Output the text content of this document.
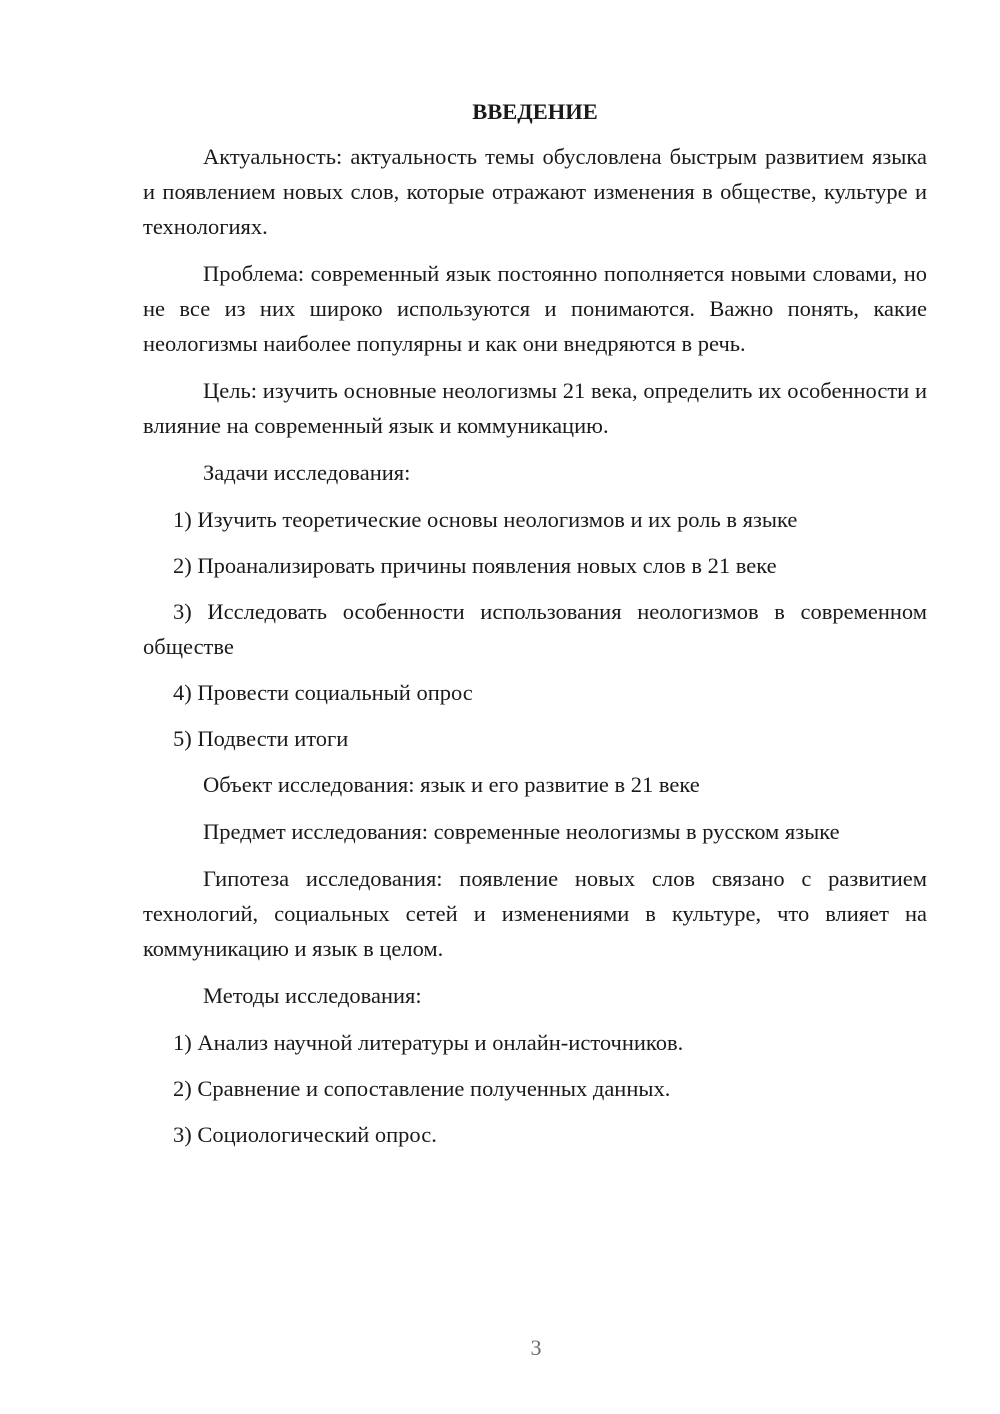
ВВЕДЕНИЕ

Актуальность: актуальность темы обусловлена быстрым развитием языка и появлением новых слов, которые отражают изменения в обществе, культуре и технологиях.

Проблема: современный язык постоянно пополняется новыми словами, но не все из них широко используются и понимаются. Важно понять, какие неологизмы наиболее популярны и как они внедряются в речь.

Цель: изучить основные неологизмы 21 века, определить их особенности и влияние на современный язык и коммуникацию.

Задачи исследования:

1) Изучить теоретические основы неологизмов и их роль в языке

2) Проанализировать причины появления новых слов в 21 веке

3) Исследовать особенности использования неологизмов в современном обществе

4) Провести социальный опрос

5) Подвести итоги

Объект исследования: язык и его развитие в 21 веке

Предмет исследования: современные неологизмы в русском языке

Гипотеза исследования: появление новых слов связано с развитием технологий, социальных сетей и изменениями в культуре, что влияет на коммуникацию и язык в целом.

Методы исследования:

1) Анализ научной литературы и онлайн-источников.

2) Сравнение и сопоставление полученных данных.

3) Социологический опрос.

3
